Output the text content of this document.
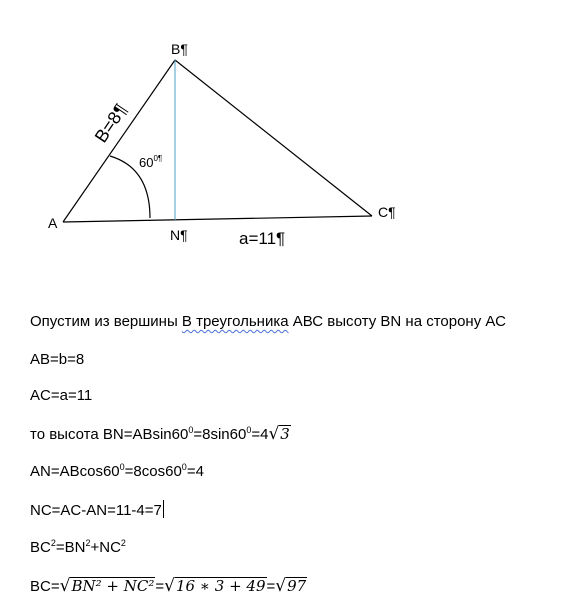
B¶
A
C¶
N¶
$60^{0\P}$
B=8¶
a=11¶
Опустим из вершины В треугольника АВС высоту ВN на сторону АС
AB=b=8
AC=a=11
то высота $BN=ABsin60^0=8\sin 60^0=4√3$
$AN=ABcos60^0=8\cos 60^0=4$
NC=AC-AN=11-4=7
$BC^2=BN^2+NC^2$
BC=√BN² + NC²=√16 ∗ 3 + 49=√97
